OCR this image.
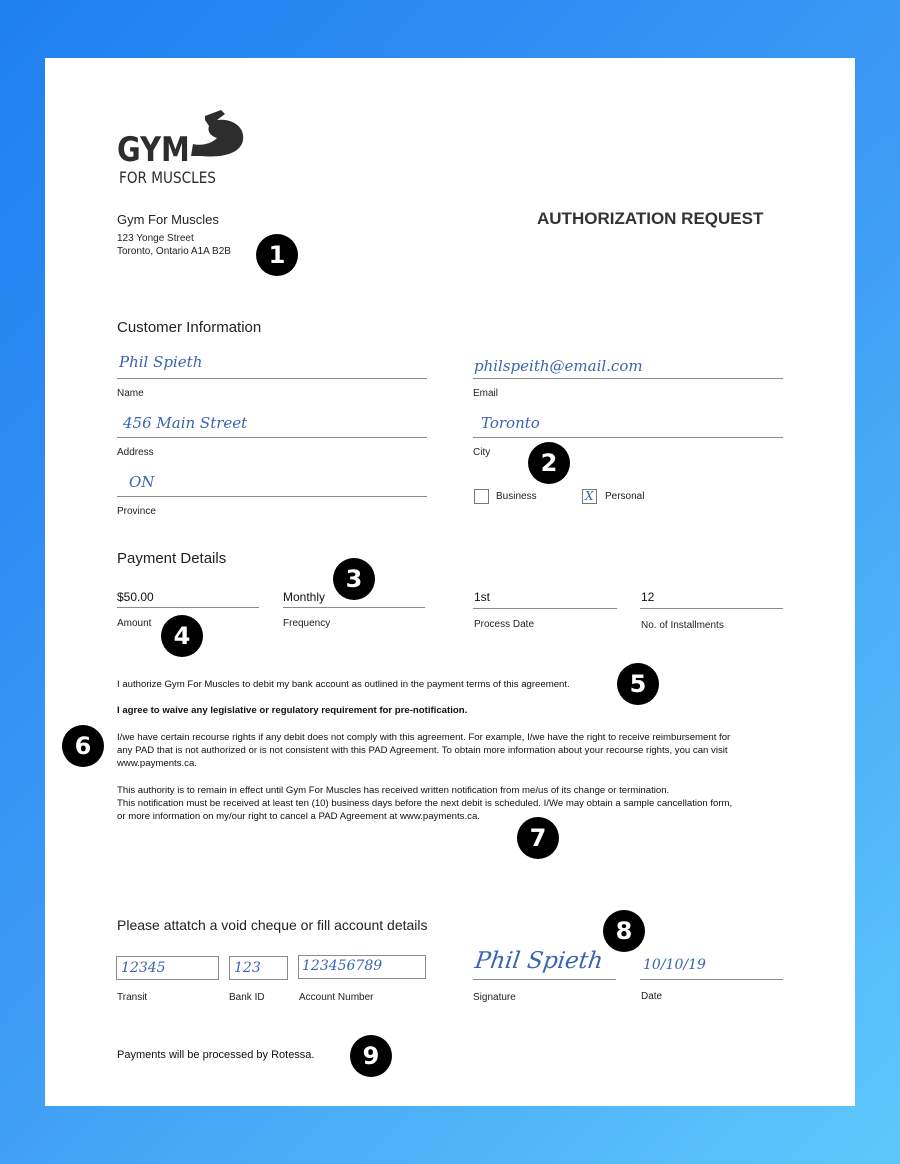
GYM
FOR MUSCLES
Gym For Muscles
123 Yonge Street
Toronto, Ontario A1A B2B
AUTHORIZATION REQUEST
Customer Information
Phil Spieth
Name
philspeith@email.com
Email
456 Main Street
Address
Toronto
City
ON
Province
Business	X Personal
Payment Details
$50.00
Amount
Monthly
Frequency
1st
Process Date
12
No. of Installments
I authorize Gym For Muscles to debit my bank account as outlined in the payment terms of this agreement.
I agree to waive any legislative or regulatory requirement for pre-notification.
I/we have certain recourse rights if any debit does not comply with this agreement. For example, I/we have the right to receive reimbursement for
any PAD that is not authorized or is not consistent with this PAD Agreement. To obtain more information about your recourse rights, you can visit
www.payments.ca.
This authority is to remain in effect until Gym For Muscles has received written notification from me/us of its change or termination.
This notification must be received at least ten (10) business days before the next debit is scheduled. I/We may obtain a sample cancellation form,
or more information on my/our right to cancel a PAD Agreement at www.payments.ca.
Please attatch a void cheque or fill account details
12345
Transit
123
Bank ID
123456789
Account Number
Phil Spieth
Signature
10/10/19
Date
Payments will be processed by Rotessa.
1
2
3
4
5
6
7
8
9
